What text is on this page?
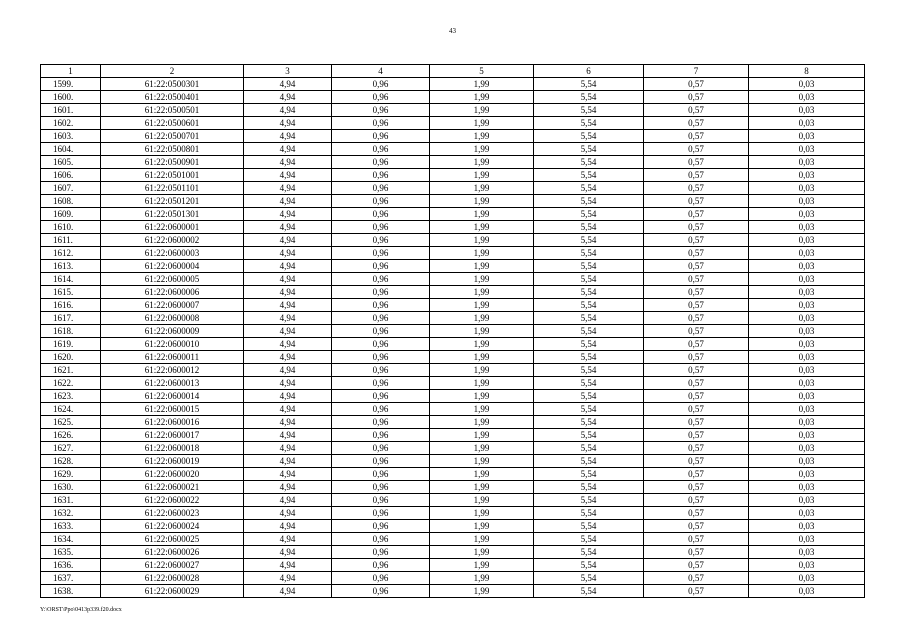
43
1	2	3	4	5	6	7	8
1599.	61:22:0500301	4,94	0,96	1,99	5,54	0,57	0,03
1600.	61:22:0500401	4,94	0,96	1,99	5,54	0,57	0,03
1601.	61:22:0500501	4,94	0,96	1,99	5,54	0,57	0,03
1602.	61:22:0500601	4,94	0,96	1,99	5,54	0,57	0,03
1603.	61:22:0500701	4,94	0,96	1,99	5,54	0,57	0,03
1604.	61:22:0500801	4,94	0,96	1,99	5,54	0,57	0,03
1605.	61:22:0500901	4,94	0,96	1,99	5,54	0,57	0,03
1606.	61:22:0501001	4,94	0,96	1,99	5,54	0,57	0,03
1607.	61:22:0501101	4,94	0,96	1,99	5,54	0,57	0,03
1608.	61:22:0501201	4,94	0,96	1,99	5,54	0,57	0,03
1609.	61:22:0501301	4,94	0,96	1,99	5,54	0,57	0,03
1610.	61:22:0600001	4,94	0,96	1,99	5,54	0,57	0,03
1611.	61:22:0600002	4,94	0,96	1,99	5,54	0,57	0,03
1612.	61:22:0600003	4,94	0,96	1,99	5,54	0,57	0,03
1613.	61:22:0600004	4,94	0,96	1,99	5,54	0,57	0,03
1614.	61:22:0600005	4,94	0,96	1,99	5,54	0,57	0,03
1615.	61:22:0600006	4,94	0,96	1,99	5,54	0,57	0,03
1616.	61:22:0600007	4,94	0,96	1,99	5,54	0,57	0,03
1617.	61:22:0600008	4,94	0,96	1,99	5,54	0,57	0,03
1618.	61:22:0600009	4,94	0,96	1,99	5,54	0,57	0,03
1619.	61:22:0600010	4,94	0,96	1,99	5,54	0,57	0,03
1620.	61:22:0600011	4,94	0,96	1,99	5,54	0,57	0,03
1621.	61:22:0600012	4,94	0,96	1,99	5,54	0,57	0,03
1622.	61:22:0600013	4,94	0,96	1,99	5,54	0,57	0,03
1623.	61:22:0600014	4,94	0,96	1,99	5,54	0,57	0,03
1624.	61:22:0600015	4,94	0,96	1,99	5,54	0,57	0,03
1625.	61:22:0600016	4,94	0,96	1,99	5,54	0,57	0,03
1626.	61:22:0600017	4,94	0,96	1,99	5,54	0,57	0,03
1627.	61:22:0600018	4,94	0,96	1,99	5,54	0,57	0,03
1628.	61:22:0600019	4,94	0,96	1,99	5,54	0,57	0,03
1629.	61:22:0600020	4,94	0,96	1,99	5,54	0,57	0,03
1630.	61:22:0600021	4,94	0,96	1,99	5,54	0,57	0,03
1631.	61:22:0600022	4,94	0,96	1,99	5,54	0,57	0,03
1632.	61:22:0600023	4,94	0,96	1,99	5,54	0,57	0,03
1633.	61:22:0600024	4,94	0,96	1,99	5,54	0,57	0,03
1634.	61:22:0600025	4,94	0,96	1,99	5,54	0,57	0,03
1635.	61:22:0600026	4,94	0,96	1,99	5,54	0,57	0,03
1636.	61:22:0600027	4,94	0,96	1,99	5,54	0,57	0,03
1637.	61:22:0600028	4,94	0,96	1,99	5,54	0,57	0,03
1638.	61:22:0600029	4,94	0,96	1,99	5,54	0,57	0,03
Y:\ORST\Ppo\0413p339.f20.docx
